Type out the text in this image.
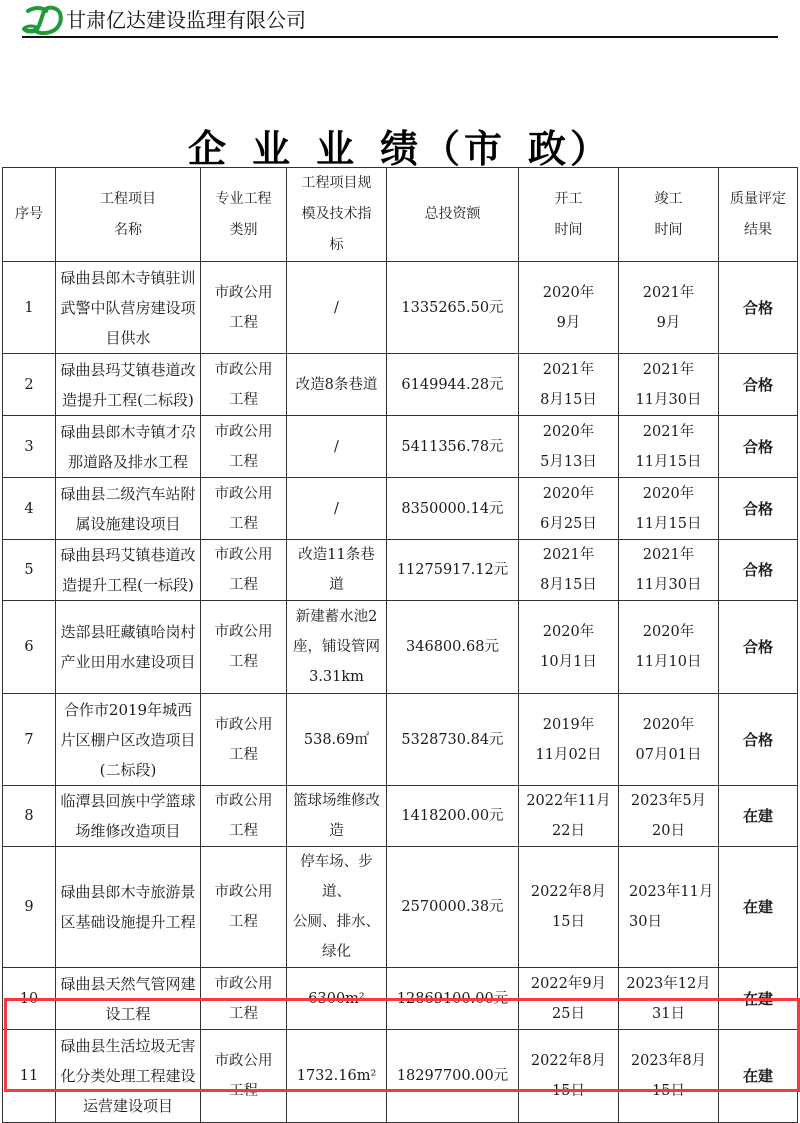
甘肃亿达建设监理有限公司
企 业 业 绩（市 政）
序号	工程项目
名称	专业工程
类别	工程项目规
模及技术指
标	总投资额	开工
时间	竣工
时间	质量评定
结果
1	碌曲县郎木寺镇驻训
武警中队营房建设项
目供水	市政公用
工程	/	1335265.50元	2020年
9月	2021年
9月	合格
2	碌曲县玛艾镇巷道改
造提升工程(二标段)	市政公用
工程	改造8条巷道	6149944.28元	2021年
8月15日	2021年
11月30日	合格
3	碌曲县郎木寺镇才尕
那道路及排水工程	市政公用
工程	/	5411356.78元	2020年
5月13日	2021年
11月15日	合格
4	碌曲县二级汽车站附
属设施建设项目	市政公用
工程	/	8350000.14元	2020年
6月25日	2020年
11月15日	合格
5	碌曲县玛艾镇巷道改
造提升工程(一标段)	市政公用
工程	改造11条巷
道	11275917.12元	2021年
8月15日	2021年
11月30日	合格
6	迭部县旺藏镇哈岗村
产业田用水建设项目	市政公用
工程	新建蓄水池2
座，铺设管网
3.31km	346800.68元	2020年
10月1日	2020年
11月10日	合格
7	合作市2019年城西
片区棚户区改造项目
(二标段)	市政公用
工程	538.69㎡	5328730.84元	2019年
11月02日	2020年
07月01日	合格
8	临潭县回族中学篮球
场维修改造项目	市政公用
工程	篮球场维修改
造	1418200.00元	2022年11月
22日	2023年5月
20日	在建
9	碌曲县郎木寺旅游景
区基础设施提升工程	市政公用
工程	停车场、步道、
公厕、排水、
绿化	2570000.38元	2022年8月
15日	2023年11月
30日	在建
10	碌曲县天然气管网建
设工程	市政公用
工程	6300m²	12869100.00元	2022年9月
25日	2023年12月
31日	在建
11	碌曲县生活垃圾无害
化分类处理工程建设
运营建设项目	市政公用
工程	1732.16m²	18297700.00元	2022年8月
15日	2023年8月
15日	在建
